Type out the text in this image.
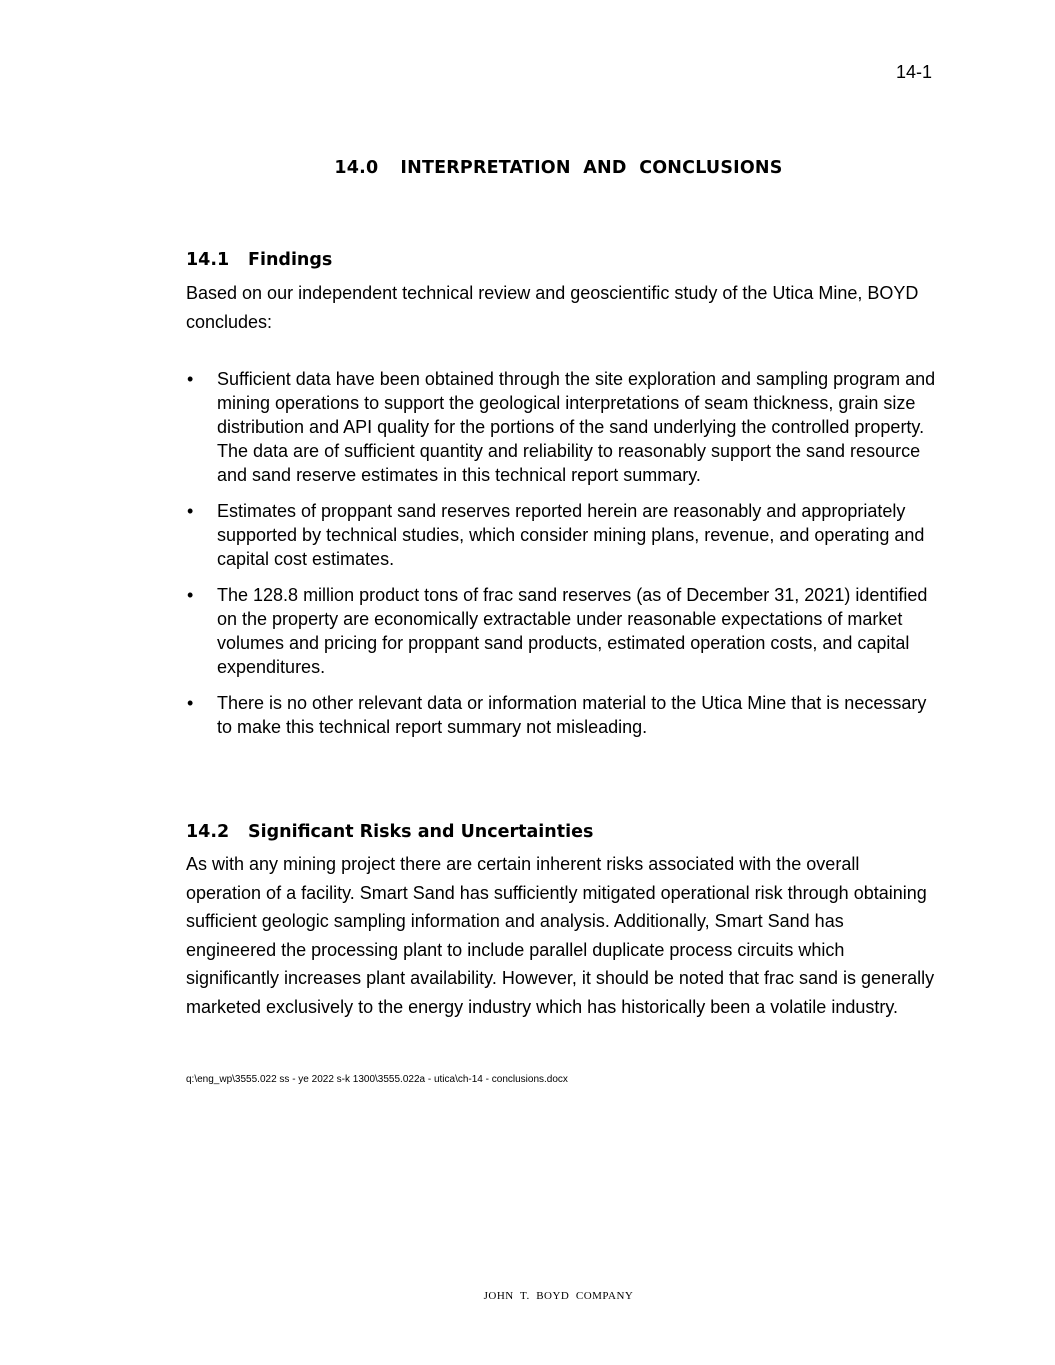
14-1
14.0 INTERPRETATION  AND  CONCLUSIONS
14.1 Findings

Based on our independent technical review and geoscientific study of the Utica Mine, BOYD concludes:

•	Sufficient data have been obtained through the site exploration and sampling program and mining operations to support the geological interpretations of seam thickness, grain size distribution and API quality for the portions of the sand underlying the controlled property. The data are of sufficient quantity and reliability to reasonably support the sand resource and sand reserve estimates in this technical report summary.
•	Estimates of proppant sand reserves reported herein are reasonably and appropriately supported by technical studies, which consider mining plans, revenue, and operating and capital cost estimates.
•	The 128.8 million product tons of frac sand reserves (as of December 31, 2021) identified on the property are economically extractable under reasonable expectations of market volumes and pricing for proppant sand products, estimated operation costs, and capital expenditures.
•	There is no other relevant data or information material to the Utica Mine that is necessary to make this technical report summary not misleading.
14.2 Significant Risks and Uncertainties

As with any mining project there are certain inherent risks associated with the overall operation of a facility. Smart Sand has sufficiently mitigated operational risk through obtaining sufficient geologic sampling information and analysis. Additionally, Smart Sand has engineered the processing plant to include parallel duplicate process circuits which significantly increases plant availability. However, it should be noted that frac sand is generally marketed exclusively to the energy industry which has historically been a volatile industry.

q:\eng_wp\3555.022 ss - ye 2022 s-k 1300\3555.022a - utica\ch-14 - conclusions.docx
JOHN  T.  BOYD  COMPANY
